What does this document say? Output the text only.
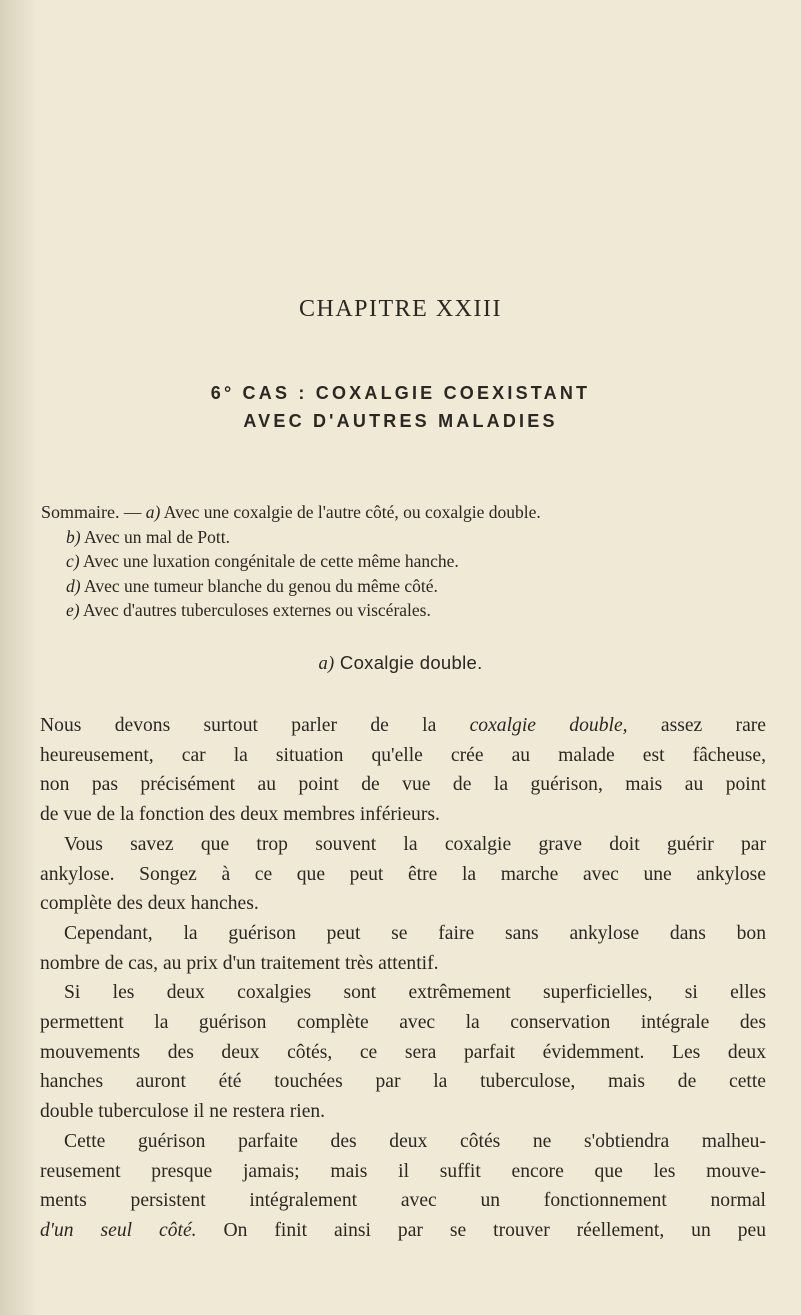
CHAPITRE XXIII
6° CAS : COXALGIE COEXISTANT
AVEC D'AUTRES MALADIES
Sommaire. — a) Avec une coxalgie de l'autre côté, ou coxalgie double.
b) Avec un mal de Pott.
c) Avec une luxation congénitale de cette même hanche.
d) Avec une tumeur blanche du genou du même côté.
e) Avec d'autres tuberculoses externes ou viscérales.
a) Coxalgie double.
Nous devons surtout parler de la coxalgie double, assez rare
heureusement, car la situation qu'elle crée au malade est fâcheuse,
non pas précisément au point de vue de la guérison, mais au point
de vue de la fonction des deux membres inférieurs.
Vous savez que trop souvent la coxalgie grave doit guérir par
ankylose. Songez à ce que peut être la marche avec une ankylose
complète des deux hanches.
Cependant, la guérison peut se faire sans ankylose dans bon
nombre de cas, au prix d'un traitement très attentif.
Si les deux coxalgies sont extrêmement superficielles, si elles
permettent la guérison complète avec la conservation intégrale des
mouvements des deux côtés, ce sera parfait évidemment. Les deux
hanches auront été touchées par la tuberculose, mais de cette
double tuberculose il ne restera rien.
Cette guérison parfaite des deux côtés ne s'obtiendra malheu-
reusement presque jamais; mais il suffit encore que les mouve-
ments persistent intégralement avec un fonctionnement normal
d'un seul côté. On finit ainsi par se trouver réellement, un peu
